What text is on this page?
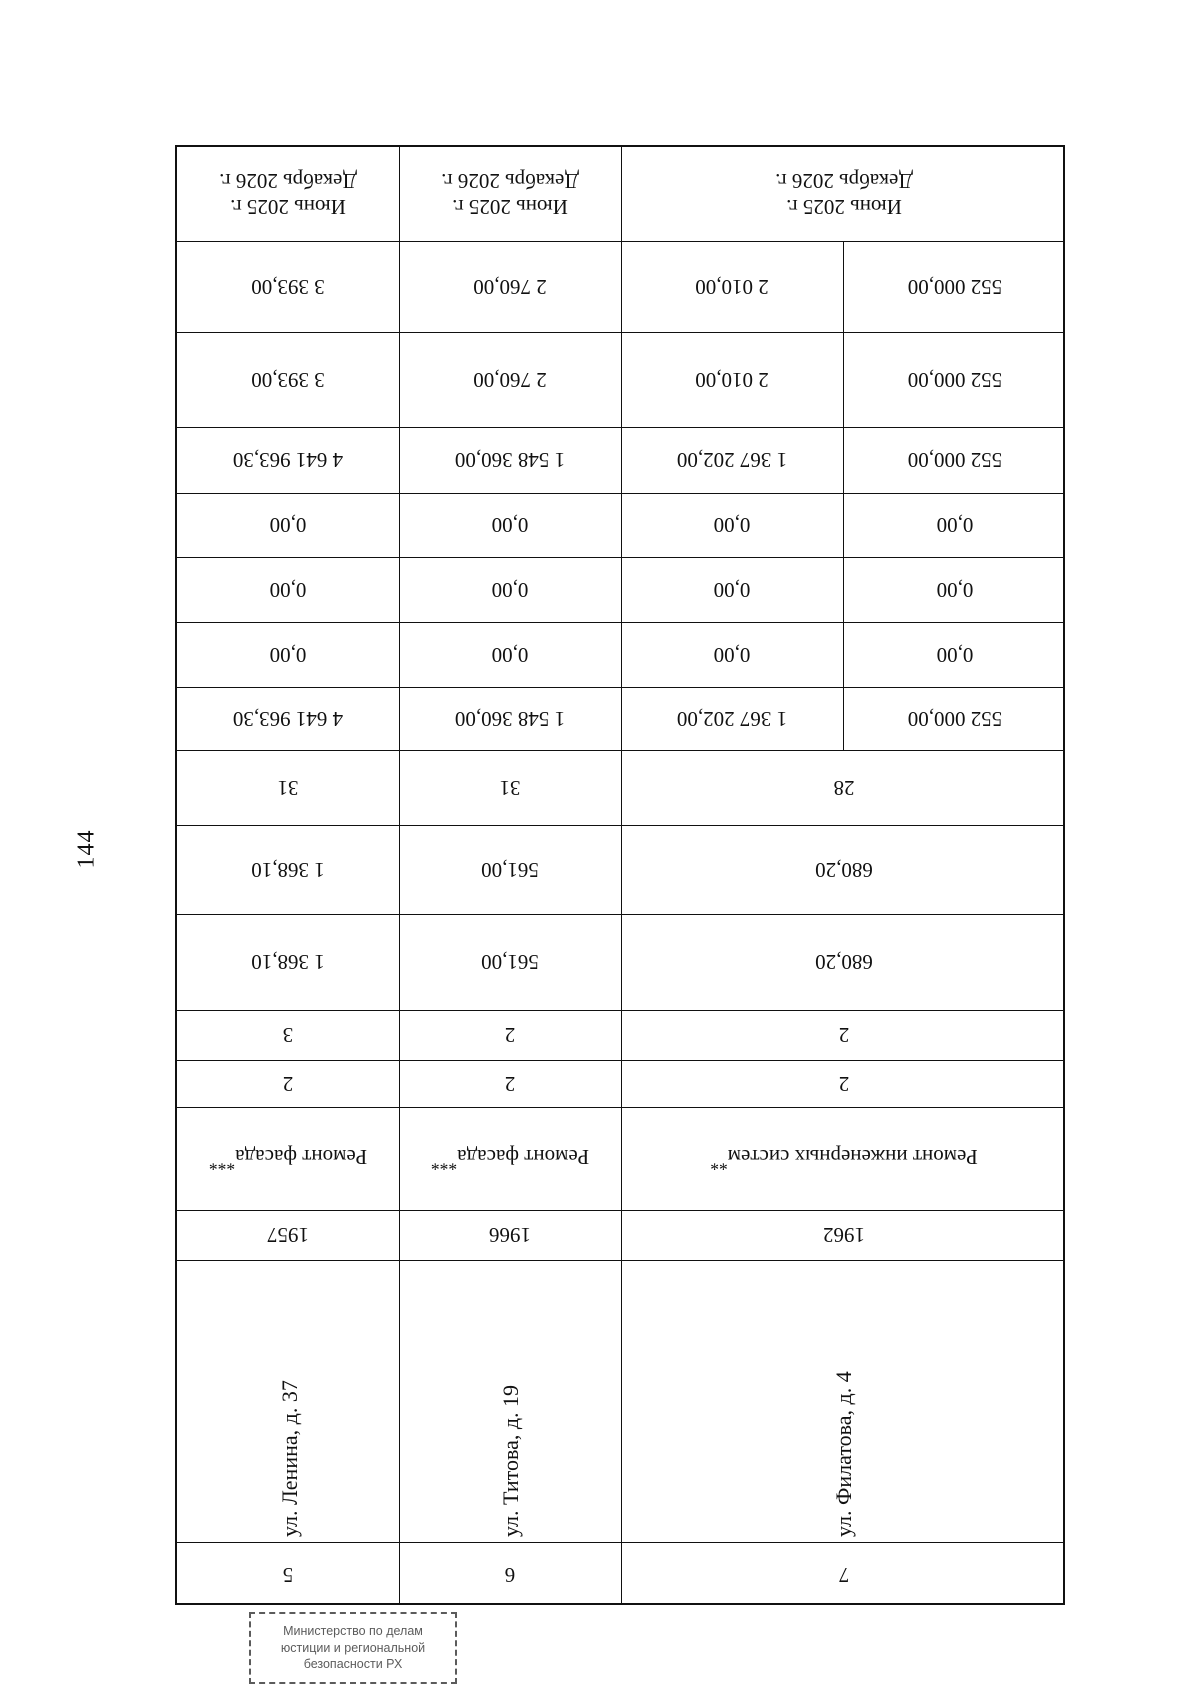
144
Июнь 2025 г.
Декабрь 2026 г.
3 393,00
3 393,00
4 641 963,30
0,00
0,00
0,00
4 641 963,30
31
1 368,10
1 368,10
3
2
Ремонт фасада***
1957
ул. Ленина, д. 37
5
Июнь 2025 г.
Декабрь 2026 г.
2 760,00
2 760,00
1 548 360,00
0,00
0,00
0,00
1 548 360,00
31
561,00
561,00
2
2
Ремонт фасада***
1966
ул. Титова, д. 19
6
Июнь 2025 г.
Декабрь 2026 г.
2 010,00
2 010,00
1 367 202,00
0,00
0,00
0,00
1 367 202,00
552 000,00
552 000,00
552 000,00
0,00
0,00
0,00
552 000,00
28
680,20
680,20
2
2
Ремонт инженерных систем**
1962
ул. Филатова, д. 4
7
Министерство по делам
юстиции и региональной
безопасности РХ
